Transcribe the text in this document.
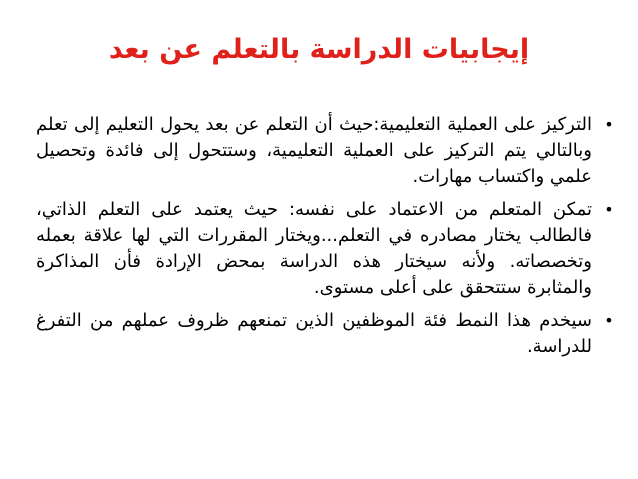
إيجابيات الدراسة بالتعلم عن بعد
•
التركيز على العملية التعليمية:حيث أن التعلم عن بعد يحول التعليم إلى تعلم وبالتالي يتم التركيز على العملية التعليمية، وستتحول إلى فائدة وتحصيل علمي واكتساب مهارات.
•
تمكن المتعلم من الاعتماد على نفسه: حيث يعتمد على التعلم الذاتي، فالطالب يختار مصادره في التعلم...ويختار المقررات التي لها علاقة بعمله وتخصصاته. ولأنه سيختار هذه الدراسة بمحض الإرادة فأن المذاكرة والمثابرة ستتحقق على أعلى مستوى.
•
سيخدم هذا النمط فئة الموظفين الذين تمنعهم ظروف عملهم من التفرغ للدراسة.
